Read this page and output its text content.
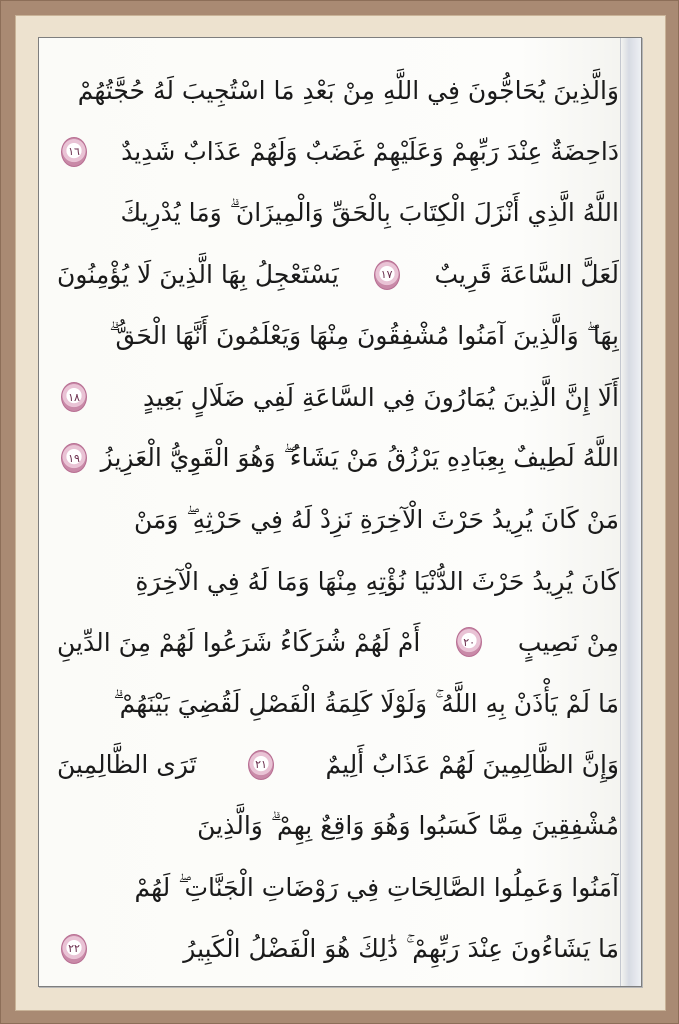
وَالَّذِينَ يُحَاجُّونَ فِي اللَّهِ مِنْ بَعْدِ مَا اسْتُجِيبَ لَهُ حُجَّتُهُمْ
دَاحِضَةٌ عِنْدَ رَبِّهِمْ وَعَلَيْهِمْ غَضَبٌ وَلَهُمْ عَذَابٌ شَدِيدٌ
١٦
اللَّهُ الَّذِي أَنْزَلَ الْكِتَابَ بِالْحَقِّ وَالْمِيزَانَ ۗ وَمَا يُدْرِيكَ
لَعَلَّ السَّاعَةَ قَرِيبٌ
١٧
يَسْتَعْجِلُ بِهَا الَّذِينَ لَا يُؤْمِنُونَ
بِهَا ۖ وَالَّذِينَ آمَنُوا مُشْفِقُونَ مِنْهَا وَيَعْلَمُونَ أَنَّهَا الْحَقُّ ۗ
أَلَا إِنَّ الَّذِينَ يُمَارُونَ فِي السَّاعَةِ لَفِي ضَلَالٍ بَعِيدٍ
١٨
اللَّهُ لَطِيفٌ بِعِبَادِهِ يَرْزُقُ مَنْ يَشَاءُ ۖ وَهُوَ الْقَوِيُّ الْعَزِيزُ
١٩
مَنْ كَانَ يُرِيدُ حَرْثَ الْآخِرَةِ نَزِدْ لَهُ فِي حَرْثِهِ ۖ وَمَنْ
كَانَ يُرِيدُ حَرْثَ الدُّنْيَا نُؤْتِهِ مِنْهَا وَمَا لَهُ فِي الْآخِرَةِ
مِنْ نَصِيبٍ
٢٠
أَمْ لَهُمْ شُرَكَاءُ شَرَعُوا لَهُمْ مِنَ الدِّينِ
مَا لَمْ يَأْذَنْ بِهِ اللَّهُ ۚ وَلَوْلَا كَلِمَةُ الْفَصْلِ لَقُضِيَ بَيْنَهُمْ ۗ
وَإِنَّ الظَّالِمِينَ لَهُمْ عَذَابٌ أَلِيمٌ
٢١
تَرَى الظَّالِمِينَ
مُشْفِقِينَ مِمَّا كَسَبُوا وَهُوَ وَاقِعٌ بِهِمْ ۗ وَالَّذِينَ
آمَنُوا وَعَمِلُوا الصَّالِحَاتِ فِي رَوْضَاتِ الْجَنَّاتِ ۖ لَهُمْ
مَا يَشَاءُونَ عِنْدَ رَبِّهِمْ ۚ ذَٰلِكَ هُوَ الْفَضْلُ الْكَبِيرُ
٢٢
